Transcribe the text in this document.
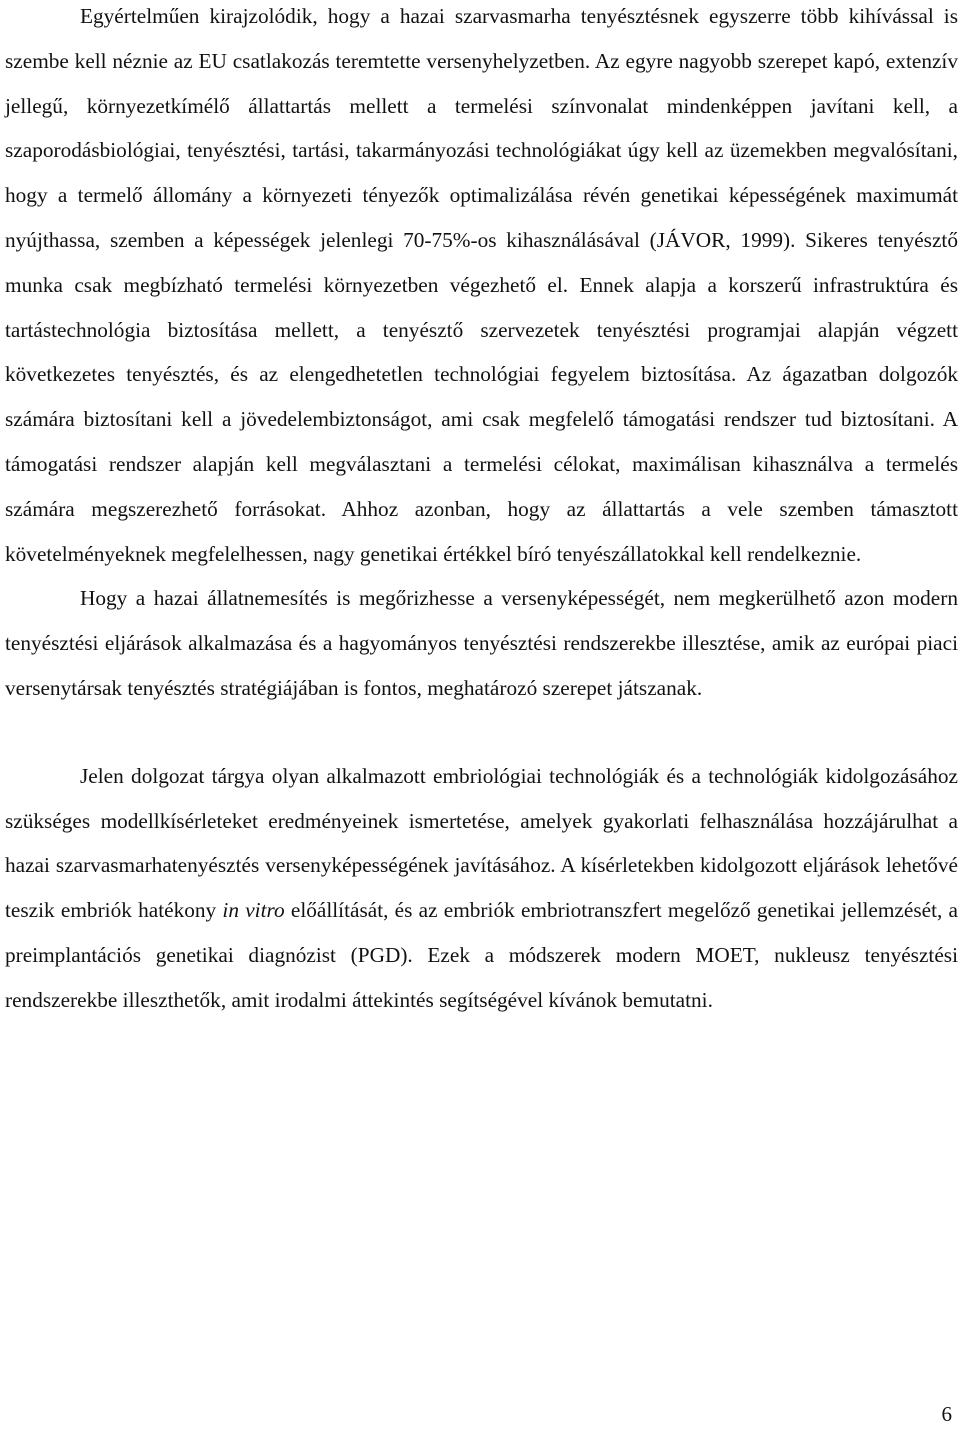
Egyértelműen kirajzolódik, hogy a hazai szarvasmarha tenyésztésnek egyszerre több kihívással is szembe kell néznie az EU csatlakozás teremtette versenyhelyzetben. Az egyre nagyobb szerepet kapó, extenzív jellegű, környezetkímélő állattartás mellett a termelési színvonalat mindenképpen javítani kell, a szaporodásbiológiai, tenyésztési, tartási, takarmányozási technológiákat úgy kell az üzemekben megvalósítani, hogy a termelő állomány a környezeti tényezők optimalizálása révén genetikai képességének maximumát nyújthassa, szemben a képességek jelenlegi 70-75%-os kihasználásával (JÁVOR, 1999). Sikeres tenyésztő munka csak megbízható termelési környezetben végezhető el. Ennek alapja a korszerű infrastruktúra és tartástechnológia biztosítása mellett, a tenyésztő szervezetek tenyésztési programjai alapján végzett következetes tenyésztés, és az elengedhetetlen technológiai fegyelem biztosítása. Az ágazatban dolgozók számára biztosítani kell a jövedelembiztonságot, ami csak megfelelő támogatási rendszer tud biztosítani. A támogatási rendszer alapján kell megválasztani a termelési célokat, maximálisan kihasználva a termelés számára megszerezhető forrásokat. Ahhoz azonban, hogy az állattartás a vele szemben támasztott követelményeknek megfelelhessen, nagy genetikai értékkel bíró tenyészállatokkal kell rendelkeznie.

Hogy a hazai állatnemesítés is megőrizhesse a versenyképességét, nem megkerülhető azon modern tenyésztési eljárások alkalmazása és a hagyományos tenyésztési rendszerekbe illesztése, amik az európai piaci versenytársak tenyésztés stratégiájában is fontos, meghatározó szerepet játszanak.

Jelen dolgozat tárgya olyan alkalmazott embriológiai technológiák és a technológiák kidolgozásához szükséges modellkísérleteket eredményeinek ismertetése, amelyek gyakorlati felhasználása hozzájárulhat a hazai szarvasmarhatenyésztés versenyképességének javításához. A kísérletekben kidolgozott eljárások lehetővé teszik embriók hatékony in vitro előállítását, és az embriók embriotranszfert megelőző genetikai jellemzését, a preimplantációs genetikai diagnózist (PGD). Ezek a módszerek modern MOET, nukleusz tenyésztési rendszerekbe illeszthetők, amit irodalmi áttekintés segítségével kívánok bemutatni.

6
